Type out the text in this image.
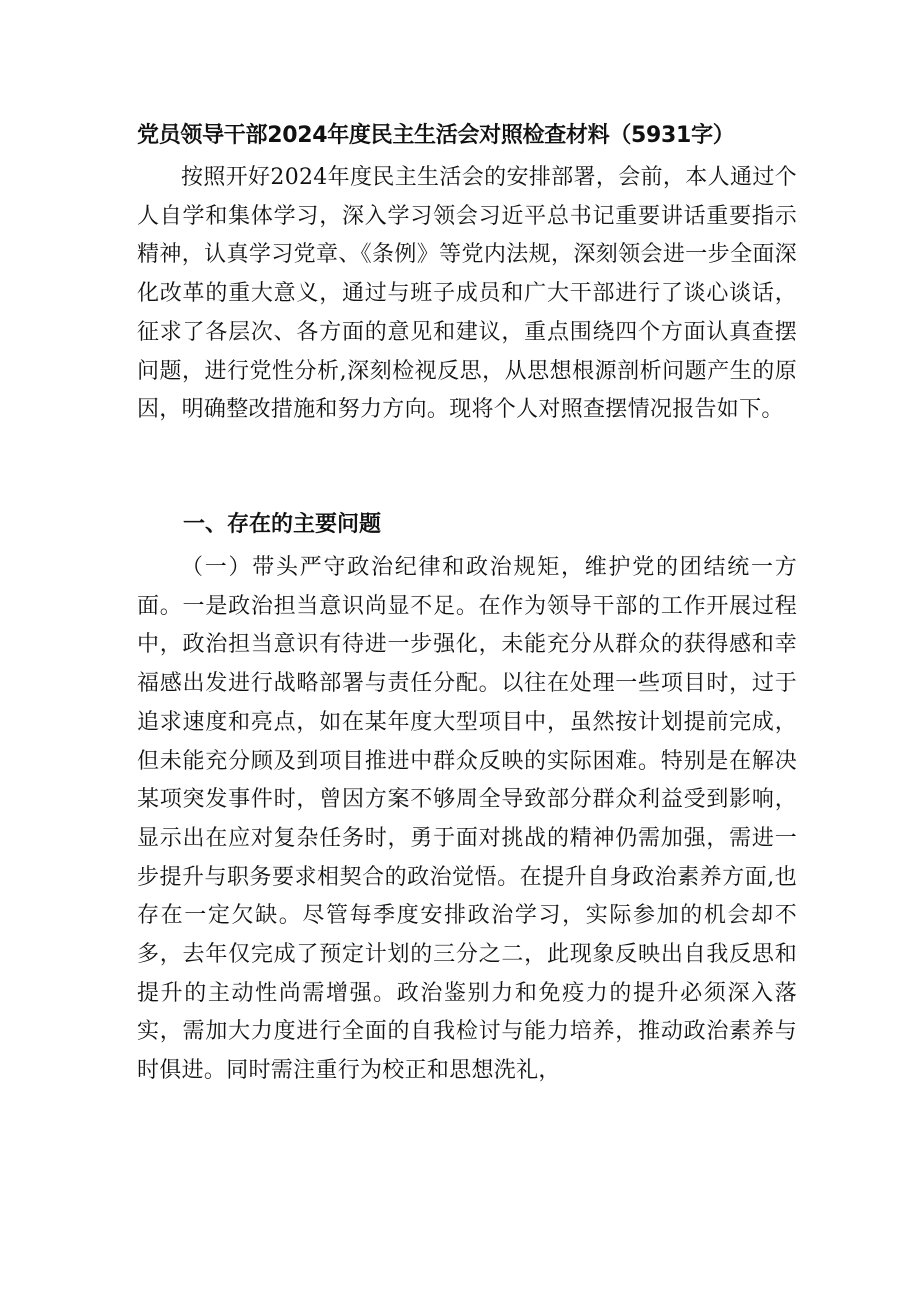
党员领导干部2024年度民主生活会对照检查材料（5931字）

按照开好2024年度民主生活会的安排部署，会前，本人通过个人自学和集体学习，深入学习领会习近平总书记重要讲话重要指示精神，认真学习党章、《条例》等党内法规，深刻领会进一步全面深化改革的重大意义，通过与班子成员和广大干部进行了谈心谈话，征求了各层次、各方面的意见和建议，重点围绕四个方面认真查摆问题，进行党性分析,深刻检视反思，从思想根源剖析问题产生的原因，明确整改措施和努力方向。现将个人对照查摆情况报告如下。

一、存在的主要问题

（一）带头严守政治纪律和政治规矩，维护党的团结统一方面。一是政治担当意识尚显不足。在作为领导干部的工作开展过程中，政治担当意识有待进一步强化，未能充分从群众的获得感和幸福感出发进行战略部署与责任分配。以往在处理一些项目时，过于追求速度和亮点，如在某年度大型项目中，虽然按计划提前完成，但未能充分顾及到项目推进中群众反映的实际困难。特别是在解决某项突发事件时，曾因方案不够周全导致部分群众利益受到影响，显示出在应对复杂任务时，勇于面对挑战的精神仍需加强，需进一步提升与职务要求相契合的政治觉悟。在提升自身政治素养方面,也存在一定欠缺。尽管每季度安排政治学习，实际参加的机会却不多，去年仅完成了预定计划的三分之二，此现象反映出自我反思和提升的主动性尚需增强。政治鉴别力和免疫力的提升必须深入落实，需加大力度进行全面的自我检讨与能力培养，推动政治素养与时俱进。同时需注重行为校正和思想洗礼，
